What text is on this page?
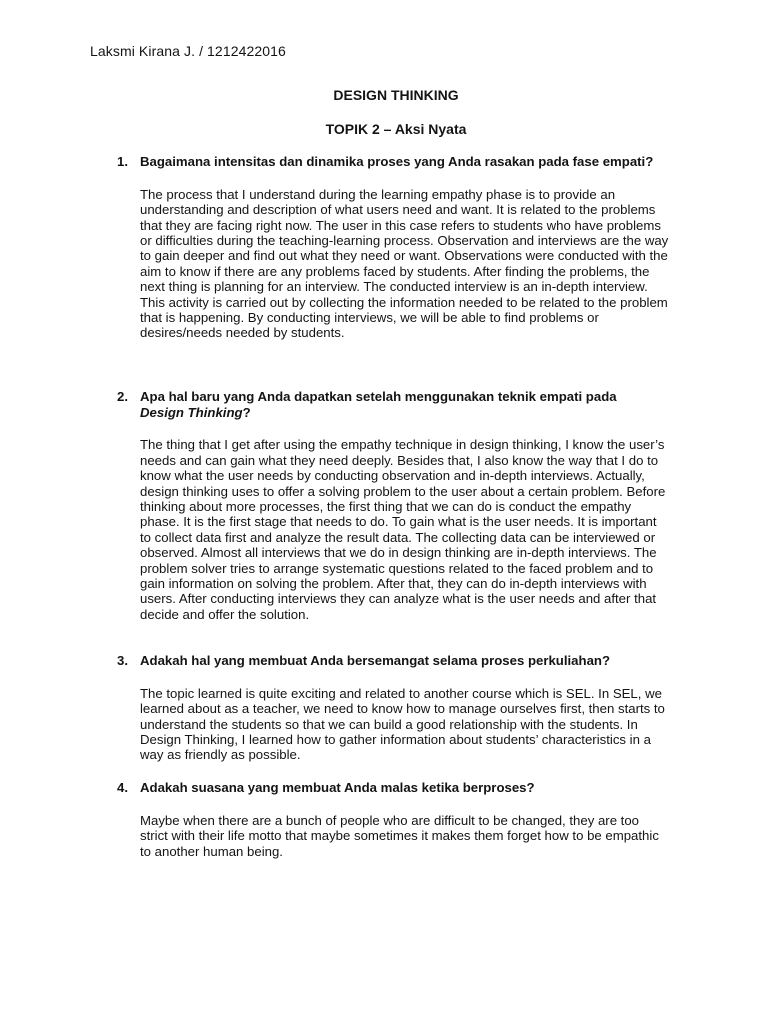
Laksmi Kirana J. / 1212422016
DESIGN THINKING
TOPIK 2 – Aksi Nyata
1. Bagaimana intensitas dan dinamika proses yang Anda rasakan pada fase empati?

The process that I understand during the learning empathy phase is to provide an understanding and description of what users need and want. It is related to the problems that they are facing right now. The user in this case refers to students who have problems or difficulties during the teaching-learning process. Observation and interviews are the way to gain deeper and find out what they need or want. Observations were conducted with the aim to know if there are any problems faced by students. After finding the problems, the next thing is planning for an interview. The conducted interview is an in-depth interview. This activity is carried out by collecting the information needed to be related to the problem that is happening. By conducting interviews, we will be able to find problems or desires/needs needed by students.

2. Apa hal baru yang Anda dapatkan setelah menggunakan teknik empati pada Design Thinking?

The thing that I get after using the empathy technique in design thinking, I know the user’s needs and can gain what they need deeply. Besides that, I also know the way that I do to know what the user needs by conducting observation and in-depth interviews. Actually, design thinking uses to offer a solving problem to the user about a certain problem. Before thinking about more processes, the first thing that we can do is conduct the empathy phase. It is the first stage that needs to do. To gain what is the user needs. It is important to collect data first and analyze the result data. The collecting data can be interviewed or observed. Almost all interviews that we do in design thinking are in-depth interviews. The problem solver tries to arrange systematic questions related to the faced problem and to gain information on solving the problem. After that, they can do in-depth interviews with users. After conducting interviews they can analyze what is the user needs and after that decide and offer the solution.

3. Adakah hal yang membuat Anda bersemangat selama proses perkuliahan?

The topic learned is quite exciting and related to another course which is SEL. In SEL, we learned about as a teacher, we need to know how to manage ourselves first, then starts to understand the students so that we can build a good relationship with the students. In Design Thinking, I learned how to gather information about students’ characteristics in a way as friendly as possible.

4. Adakah suasana yang membuat Anda malas ketika berproses?

Maybe when there are a bunch of people who are difficult to be changed, they are too strict with their life motto that maybe sometimes it makes them forget how to be empathic to another human being.
